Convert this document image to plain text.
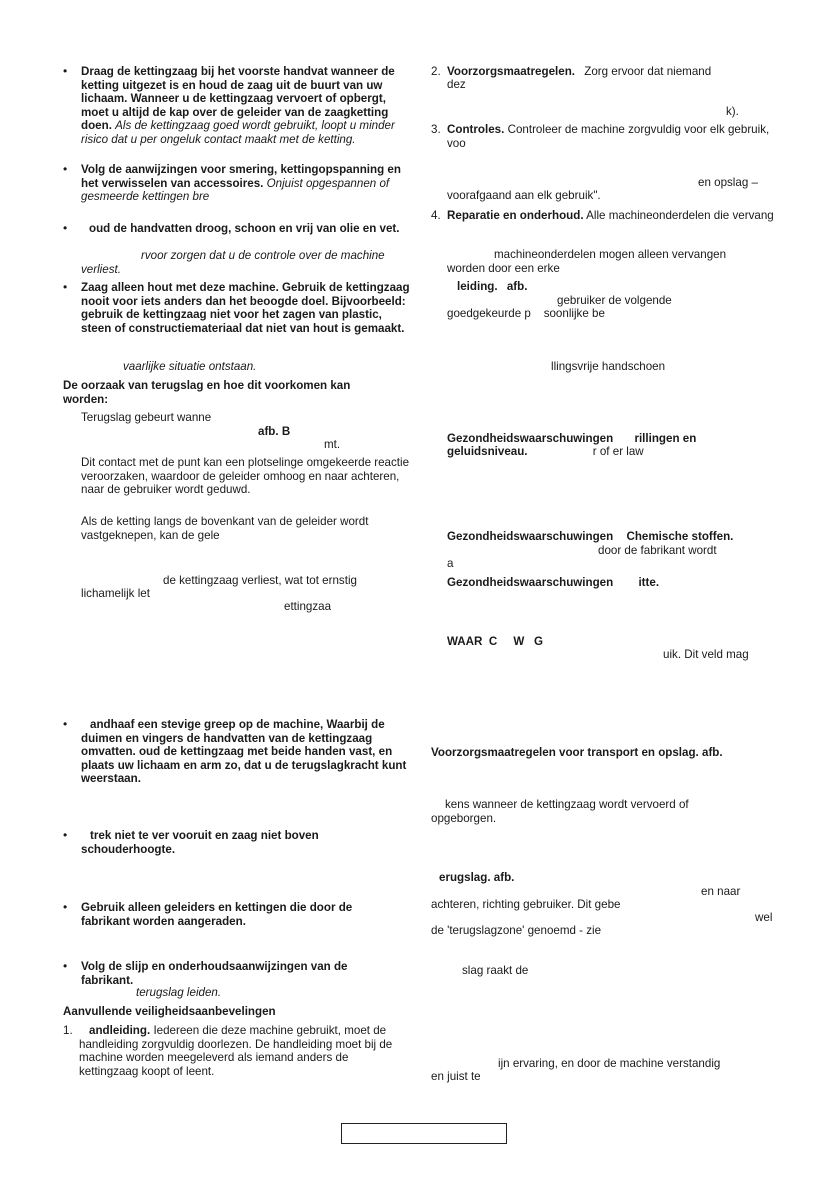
• Draag de kettingzaag bij het voorste handvat wanneer de ketting uitgezet is en houd de zaag uit de buurt van uw lichaam. Wanneer u de kettingzaag vervoert of opbergt, moet u altijd de kap over de geleider van de zaagketting doen. Als de kettingzaag goed wordt gebruikt, loopt u minder risico dat u per ongeluk contact maakt met de ketting.
• Volg de aanwijzingen voor smering, kettingopspanning en het verwisselen van accessoires. Onjuist opgespannen of gesmeerde kettingen bre
•	oud de handvatten droog, schoon en vrij van olie en vet.
rvoor zorgen dat u de controle over de machine verliest.
• Zaag alleen hout met deze machine. Gebruik de kettingzaag nooit voor iets anders dan het beoogde doel. Bijvoorbeeld: gebruik de kettingzaag niet voor het zagen van plastic, steen of constructiemateriaal dat niet van hout is gemaakt.
vaarlijke situatie ontstaan.
De oorzaak van terugslag en hoe dit voorkomen kan worden:
Terugslag gebeurt wanne
afb. B
mt.
Dit contact met de punt kan een plotselinge omgekeerde reactie veroorzaken, waardoor de geleider omhoog en naar achteren, naar de gebruiker wordt geduwd.
Als de ketting langs de bovenkant van de geleider wordt vastgeknepen, kan de gele
de kettingzaag verliest, wat tot ernstig
lichamelijk let
ettingzaa
•	andhaaf een stevige greep op de machine, Waarbij de duimen en vingers de handvatten van de kettingzaag omvatten. oud de kettingzaag met beide handen vast, en plaats uw lichaam en arm zo, dat u de terugslagkracht kunt weerstaan.
•	trek niet te ver vooruit en zaag niet boven schouderhoogte.
• Gebruik alleen geleiders en kettingen die door de fabrikant worden aangeraden.
• Volg de slijp en onderhoudsaanwijzingen van de fabrikant.
terugslag leiden.
Aanvullende veiligheidsaanbevelingen
1.	andleiding. Iedereen die deze machine gebruikt, moet de handleiding zorgvuldig doorlezen. De handleiding moet bij de machine worden meegeleverd als iemand anders de kettingzaag koopt of leent.
2. Voorzorgsmaatregelen. Zorg ervoor dat niemand
dez
k).
3. Controles. Controleer de machine zorgvuldig voor elk gebruik, voo
en opslag –
voorafgaand aan elk gebruik".
4. Reparatie en onderhoud. Alle machineonderdelen die vervang
machineonderdelen mogen alleen vervangen
worden door een erke
leiding. afb.
gebruiker de volgende
goedgekeurde p    soonlijke be
llingsvrije handschoen
Gezondheidswaarschuwingen rillingen en
geluidsniveau.	r of er law
Gezondheidswaarschuwingen Chemische stoffen.
door de fabrikant wordt
a
Gezondheidswaarschuwingen itte.
WAAR  C     W   G
uik. Dit veld mag
Voorzorgsmaatregelen voor transport en opslag. afb.
kens wanneer de kettingzaag wordt vervoerd of
opgeborgen.
erugslag. afb.
en naar
achteren, richting gebruiker. Dit gebe
wel
de 'terugslagzone' genoemd - zie
slag raakt de
ijn ervaring, en door de machine verstandig
en juist te
